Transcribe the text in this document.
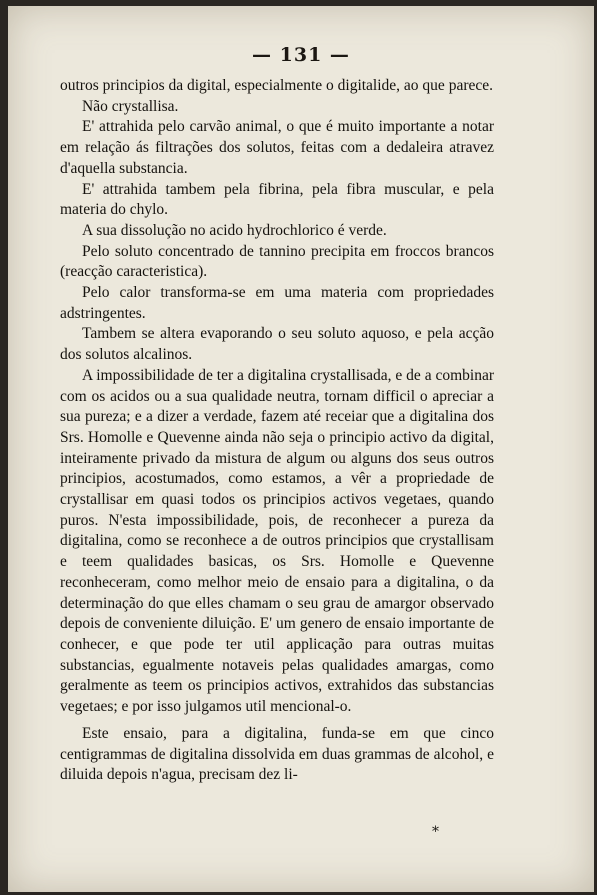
— 131 —

outros principios da digital, especialmente o digitalide, ao que parece.

Não crystallisa.

E' attrahida pelo carvão animal, o que é muito importante a notar em relação ás filtrações dos solutos, feitas com a dedaleira atravez d'aquella substancia.

E' attrahida tambem pela fibrina, pela fibra muscular, e pela materia do chylo.

A sua dissolução no acido hydrochlorico é verde.

Pelo soluto concentrado de tannino precipita em froccos brancos (reacção caracteristica).

Pelo calor transforma-se em uma materia com propriedades adstringentes.

Tambem se altera evaporando o seu soluto aquoso, e pela acção dos solutos alcalinos.

A impossibilidade de ter a digitalina crystallisada, e de a combinar com os acidos ou a sua qualidade neutra, tornam difficil o apreciar a sua pureza; e a dizer a verdade, fazem até receiar que a digitalina dos Srs. Homolle e Quevenne ainda não seja o principio activo da digital, inteiramente privado da mistura de algum ou alguns dos seus outros principios, acostumados, como estamos, a vêr a propriedade de crystallisar em quasi todos os principios activos vegetaes, quando puros. N'esta impossibilidade, pois, de reconhecer a pureza da digitalina, como se reconhece a de outros principios que crystallisam e teem qualidades basicas, os Srs. Homolle e Quevenne reconheceram, como melhor meio de ensaio para a digitalina, o da determinação do que elles chamam o seu grau de amargor observado depois de conveniente diluição. E' um genero de ensaio importante de conhecer, e que pode ter util applicação para outras muitas substancias, egualmente notaveis pelas qualidades amargas, como geralmente as teem os principios activos, extrahidos das substancias vegetaes; e por isso julgamos util mencional-o.

Este ensaio, para a digitalina, funda-se em que cinco centigrammas de digitalina dissolvida em duas grammas de alcohol, e diluida depois n'agua, precisam dez li-

*
